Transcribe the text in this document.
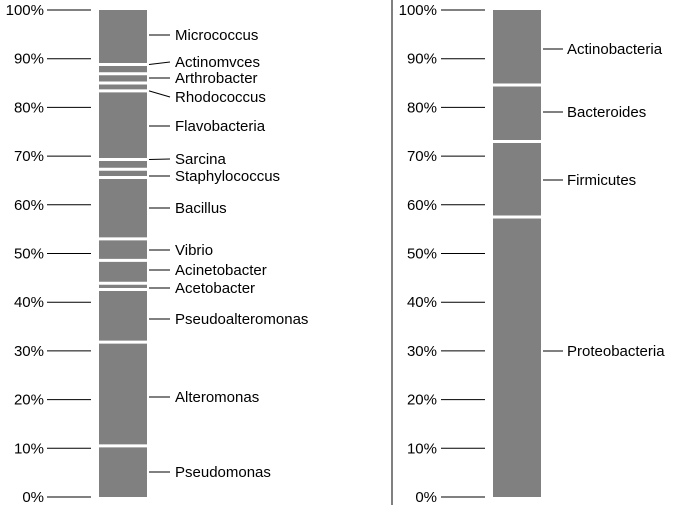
0%
10%
20%
30%
40%
50%
60%
70%
80%
90%
100%
Pseudomonas
Alteromonas
Pseudoalteromonas
Acetobacter
Acinetobacter
Vibrio
Bacillus
Staphylococcus
Sarcina
Flavobacteria
Rhodococcus
Arthrobacter
Actinomvces
Micrococcus
0%
10%
20%
30%
40%
50%
60%
70%
80%
90%
100%
Proteobacteria
Firmicutes
Bacteroides
Actinobacteria
